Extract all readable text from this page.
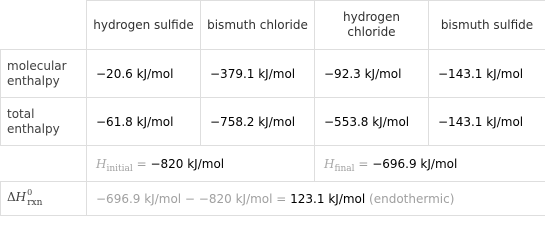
	hydrogen sulfide	bismuth chloride	hydrogen chloride	bismuth sulfide
molecular enthalpy	−20.6 kJ/mol	−379.1 kJ/mol	−92.3 kJ/mol	−143.1 kJ/mol
total enthalpy	−61.8 kJ/mol	−758.2 kJ/mol	−553.8 kJ/mol	−143.1 kJ/mol
	$H_{initial} = -820$ kJ/mol		$H_{final} = -696.9$ kJ/mol	
$\Delta H^0_{rxn}$	−696.9 kJ/mol − −820 kJ/mol = 123.1 kJ/mol (endothermic)			
